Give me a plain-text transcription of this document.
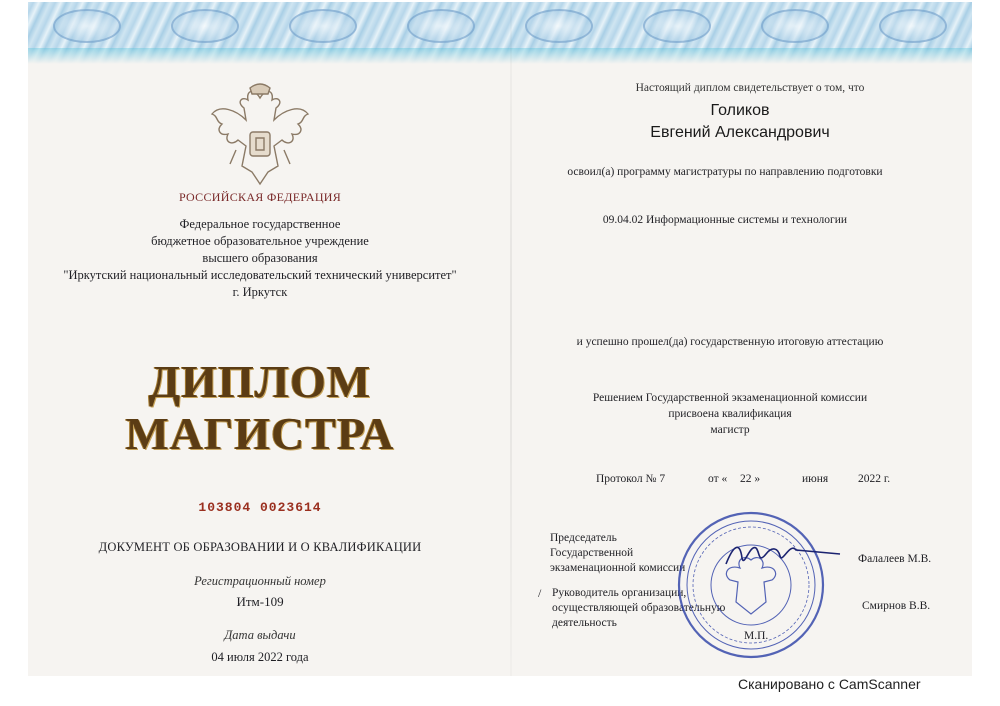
РОССИЙСКАЯ ФЕДЕРАЦИЯ
Федеральное государственное
бюджетное образовательное учреждение
высшего образования
"Иркутский национальный исследовательский технический университет"
г. Иркутск
ДИПЛОМ
МАГИСТРА
103804 0023614
ДОКУМЕНТ ОБ ОБРАЗОВАНИИ И О КВАЛИФИКАЦИИ
Регистрационный номер
Итм-109
Дата выдачи
04 июля 2022 года
Настоящий диплом свидетельствует о том, что
Голиков
Евгений Александрович
освоил(а) программу магистратуры по направлению подготовки
09.04.02 Информационные системы и технологии
и успешно прошел(да) государственную итоговую аттестацию
Решением Государственной экзаменационной комиссии
присвоена квалификация
магистр
Протокол № 7	от « 22 »	июня	2022 г.
Председатель
Государственной
экзаменационной комиссии
Фалалеев М.В.
/ Руководитель организации,
осуществляющей образовательную
деятельность
Смирнов В.В.
М.П.
Сканировано с CamScanner
